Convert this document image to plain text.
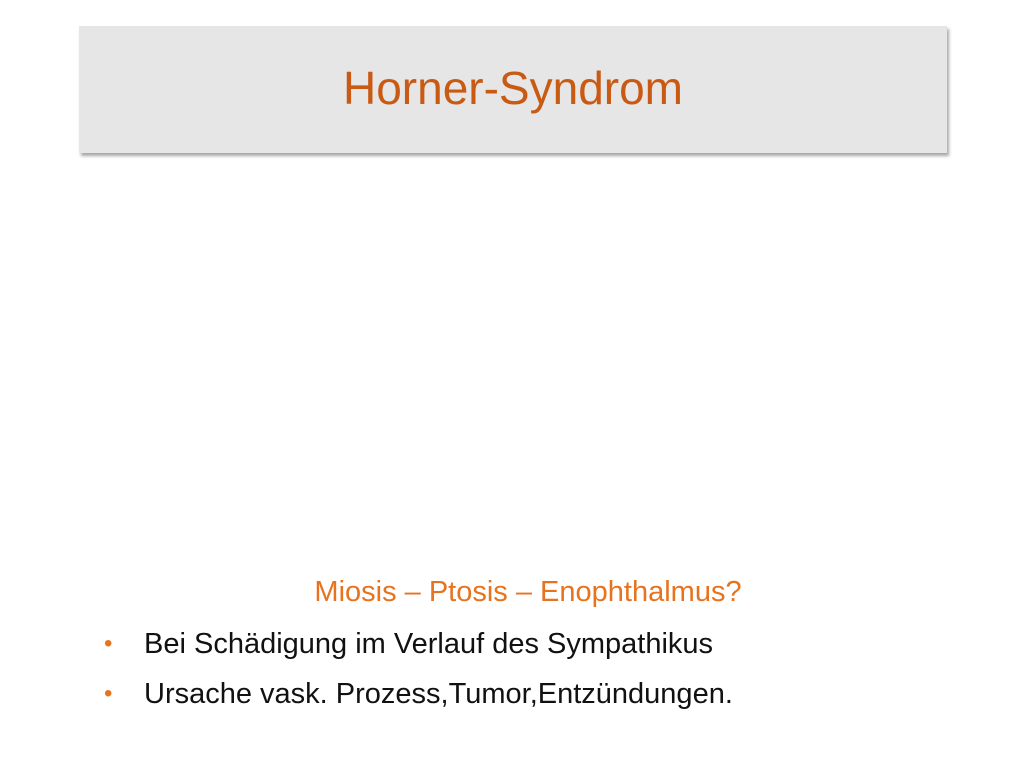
Horner-Syndrom

Miosis – Ptosis – Enophthalmus?

•	Bei Schädigung im Verlauf des Sympathikus
•	Ursache vask. Prozess,Tumor,Entzündungen.
